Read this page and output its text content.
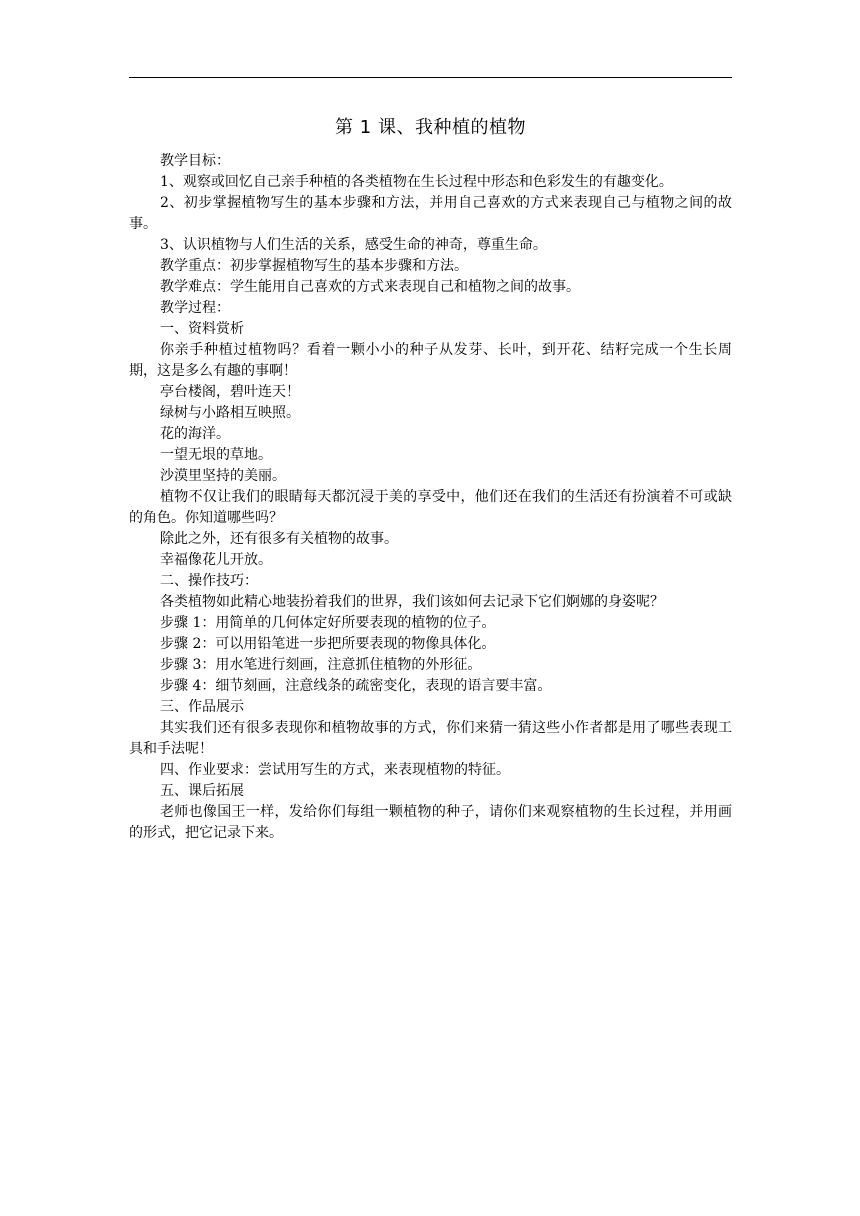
第 1 课、我种植的植物

教学目标：

1、观察或回忆自己亲手种植的各类植物在生长过程中形态和色彩发生的有趣变化。

2、初步掌握植物写生的基本步骤和方法，并用自己喜欢的方式来表现自己与植物之间的故事。

3、认识植物与人们生活的关系，感受生命的神奇，尊重生命。

教学重点：初步掌握植物写生的基本步骤和方法。

教学难点：学生能用自己喜欢的方式来表现自己和植物之间的故事。

教学过程：

一、资料赏析

你亲手种植过植物吗？看着一颗小小的种子从发芽、长叶，到开花、结籽完成一个生长周期，这是多么有趣的事啊！

亭台楼阁，碧叶连天！

绿树与小路相互映照。

花的海洋。

一望无垠的草地。

沙漠里坚持的美丽。

植物不仅让我们的眼睛每天都沉浸于美的享受中，他们还在我们的生活还有扮演着不可或缺的角色。你知道哪些吗？

除此之外，还有很多有关植物的故事。

幸福像花儿开放。

二、操作技巧：

各类植物如此精心地装扮着我们的世界，我们该如何去记录下它们婀娜的身姿呢？

步骤 1：用简单的几何体定好所要表现的植物的位子。

步骤 2：可以用铅笔进一步把所要表现的物像具体化。

步骤 3：用水笔进行刻画，注意抓住植物的外形征。

步骤 4：细节刻画，注意线条的疏密变化，表现的语言要丰富。

三、作品展示

其实我们还有很多表现你和植物故事的方式，你们来猜一猜这些小作者都是用了哪些表现工具和手法呢！

四、作业要求：尝试用写生的方式，来表现植物的特征。

五、课后拓展

老师也像国王一样，发给你们每组一颗植物的种子，请你们来观察植物的生长过程，并用画的形式，把它记录下来。
